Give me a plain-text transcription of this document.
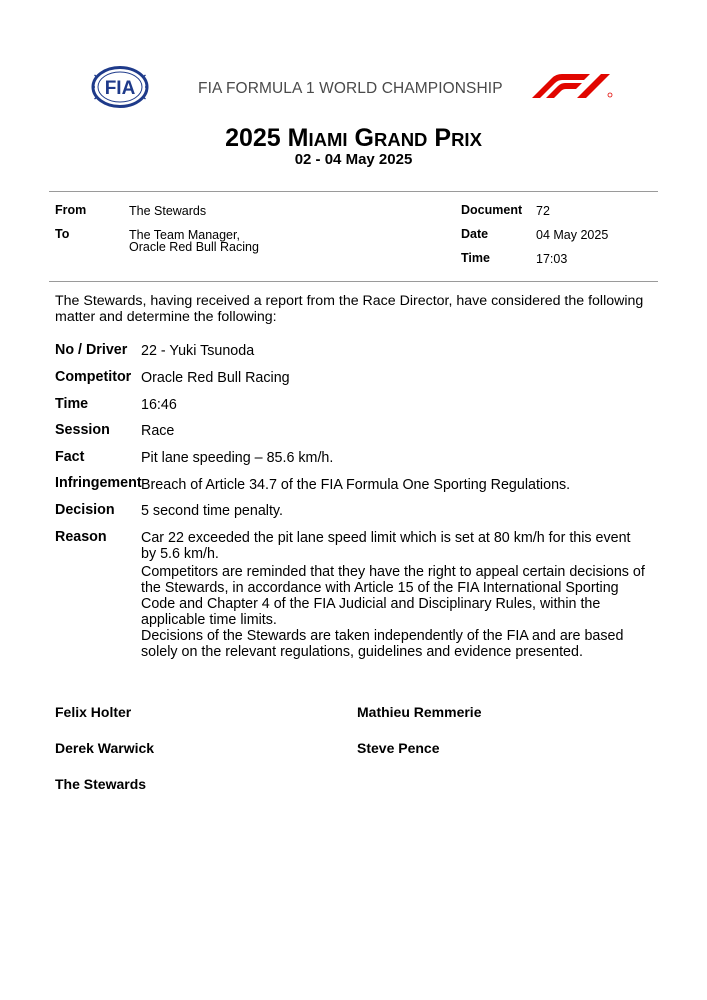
FIA	FIA FORMULA 1 WORLD CHAMPIONSHIP
2025 MIAMI GRAND PRIX
02 - 04 May 2025
From	The Stewards
To	The Team Manager,
Oracle Red Bull Racing
Document 72
Date	04 May 2025
Time	17:03
The Stewards, having received a report from the Race Director, have considered the following matter and determine the following:
No / Driver 22 - Yuki Tsunoda
Competitor Oracle Red Bull Racing
Time	16:46
Session Race
Fact	Pit lane speeding – 85.6 km/h.
Infringement Breach of Article 34.7 of the FIA Formula One Sporting Regulations.
Decision 5 second time penalty.
Reason Car 22 exceeded the pit lane speed limit which is set at 80 km/h for this event by 5.6 km/h.
Competitors are reminded that they have the right to appeal certain decisions of the Stewards, in accordance with Article 15 of the FIA International Sporting Code and Chapter 4 of the FIA Judicial and Disciplinary Rules, within the applicable time limits.
Decisions of the Stewards are taken independently of the FIA and are based solely on the relevant regulations, guidelines and evidence presented.
Felix Holter	Mathieu Remmerie
Derek Warwick	Steve Pence
The Stewards
